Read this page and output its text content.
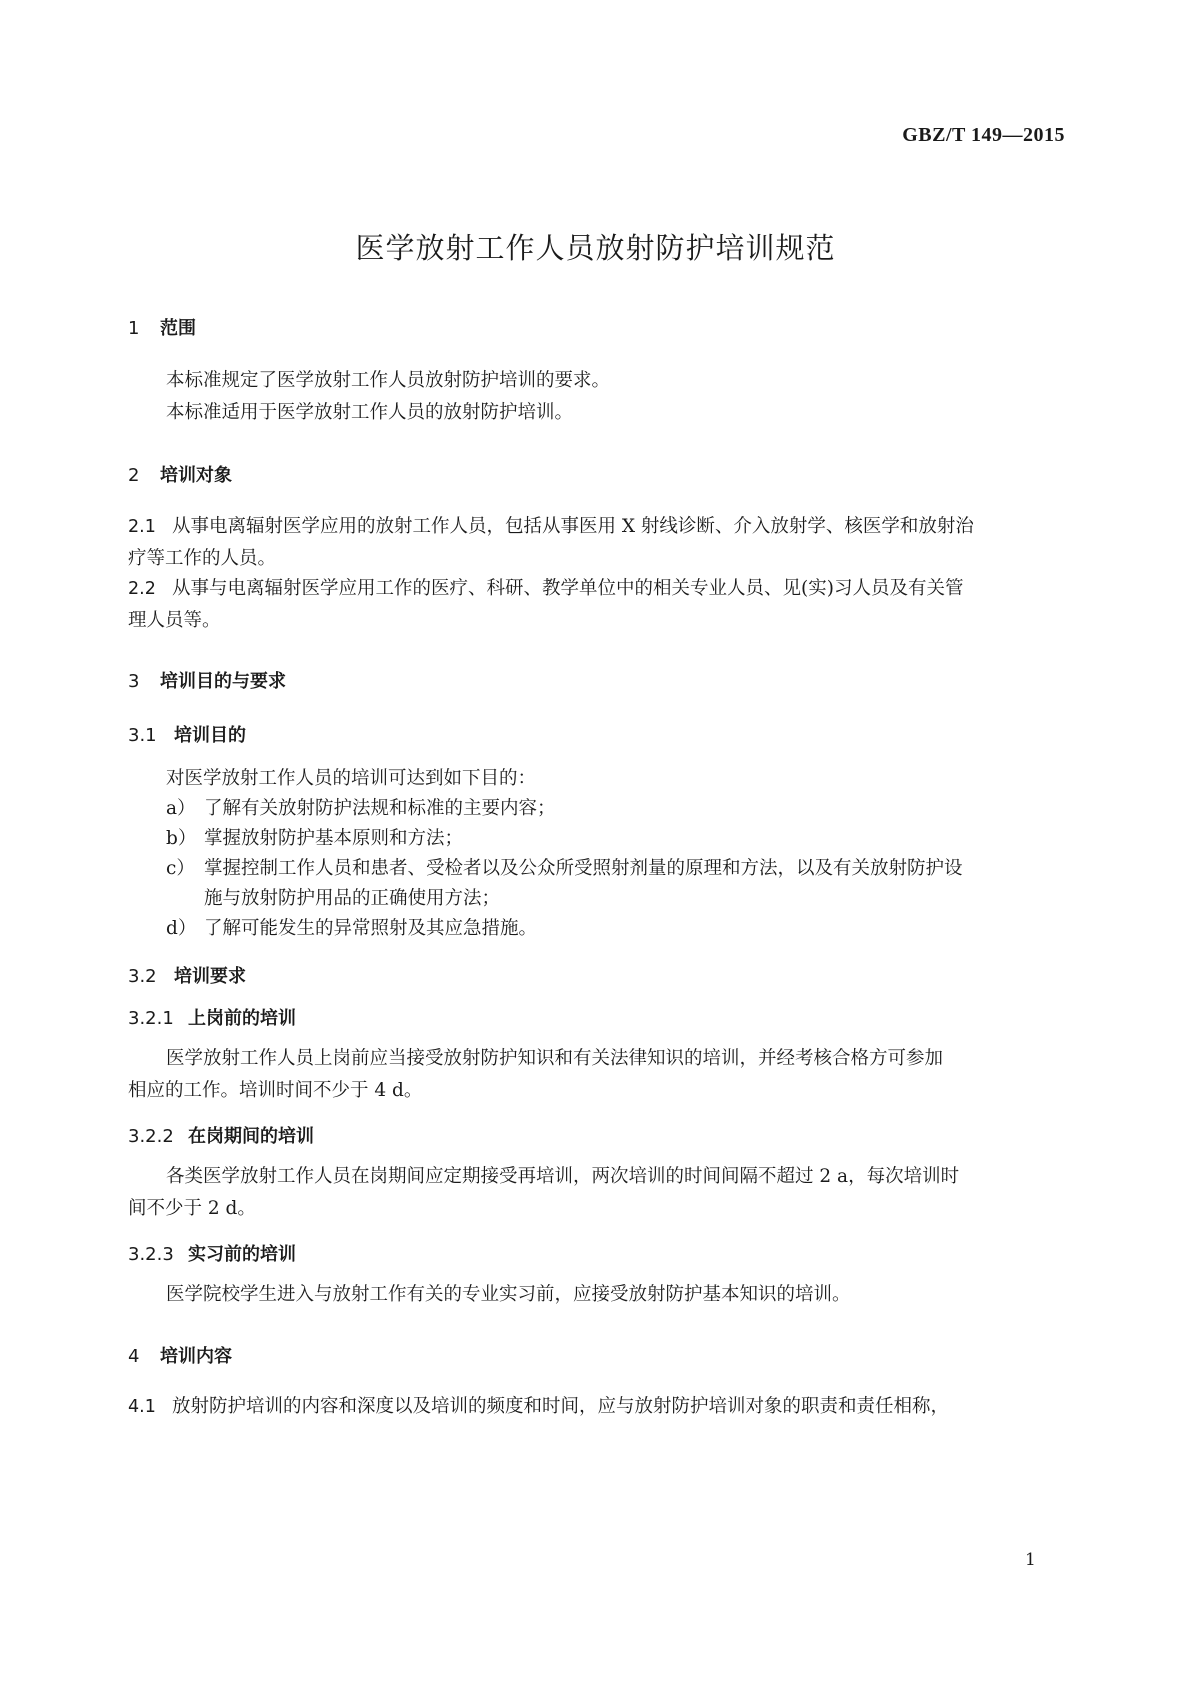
GBZ/T 149—2015
医学放射工作人员放射防护培训规范
1 范围
本标准规定了医学放射工作人员放射防护培训的要求。
本标准适用于医学放射工作人员的放射防护培训。
2 培训对象
2.1 从事电离辐射医学应用的放射工作人员，包括从事医用 X 射线诊断、介入放射学、核医学和放射治
疗等工作的人员。
2.2 从事与电离辐射医学应用工作的医疗、科研、教学单位中的相关专业人员、见(实)习人员及有关管
理人员等。
3 培训目的与要求
3.1 培训目的
对医学放射工作人员的培训可达到如下目的：
a） 了解有关放射防护法规和标准的主要内容；
b） 掌握放射防护基本原则和方法；
c） 掌握控制工作人员和患者、受检者以及公众所受照射剂量的原理和方法，以及有关放射防护设
施与放射防护用品的正确使用方法；
d） 了解可能发生的异常照射及其应急措施。
3.2 培训要求
3.2.1 上岗前的培训
医学放射工作人员上岗前应当接受放射防护知识和有关法律知识的培训，并经考核合格方可参加
相应的工作。培训时间不少于 4 d。
3.2.2 在岗期间的培训
各类医学放射工作人员在岗期间应定期接受再培训，两次培训的时间间隔不超过 2 a，每次培训时
间不少于 2 d。
3.2.3 实习前的培训
医学院校学生进入与放射工作有关的专业实习前，应接受放射防护基本知识的培训。
4 培训内容
4.1 放射防护培训的内容和深度以及培训的频度和时间，应与放射防护培训对象的职责和责任相称，
1
